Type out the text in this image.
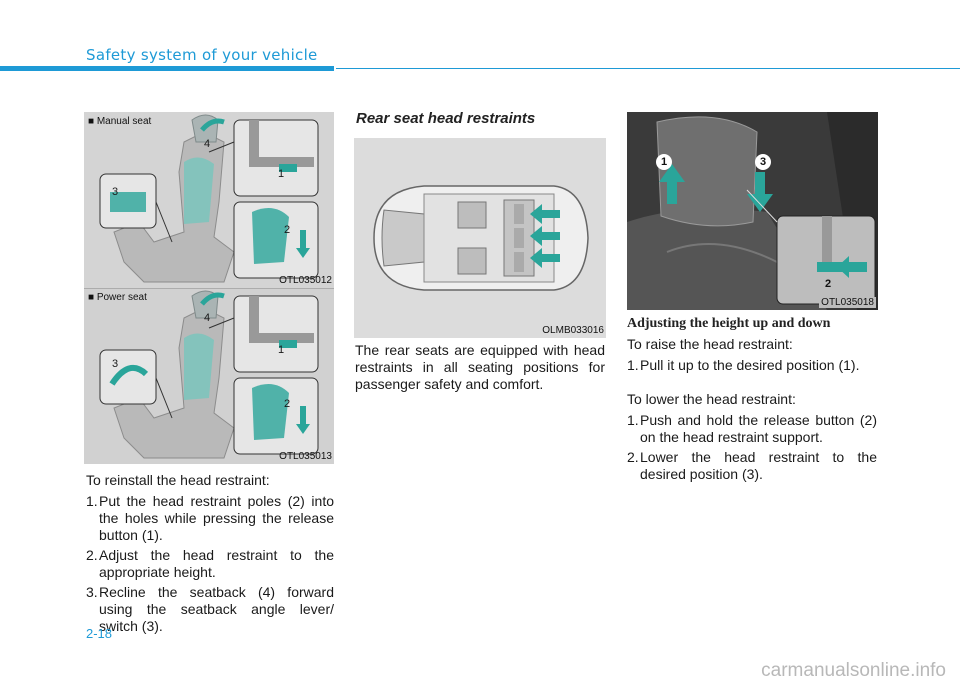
Safety system of your vehicle
■ Manual seat
OTL035012
4
1
3
2
■ Power seat
OTL035013
4
1
3
2
To reinstall the head restraint:
1. Put the head restraint poles (2) into the holes while pressing the release button (1).
2. Adjust the head restraint to the appropriate height.
3. Recline the seatback (4) forward using the seatback angle lever/ switch (3).
Rear seat head restraints
OLMB033016
The rear seats are equipped with head restraints in all seating positions for passenger safety and comfort.
1	3
2
OTL035018
Adjusting the height up and down
To raise the head restraint:
1. Pull it up to the desired position (1).
To lower the head restraint:
1. Push and hold the release button (2) on the head restraint support.
2. Lower the head restraint to the desired position (3).
2-18
carmanualsonline.info
